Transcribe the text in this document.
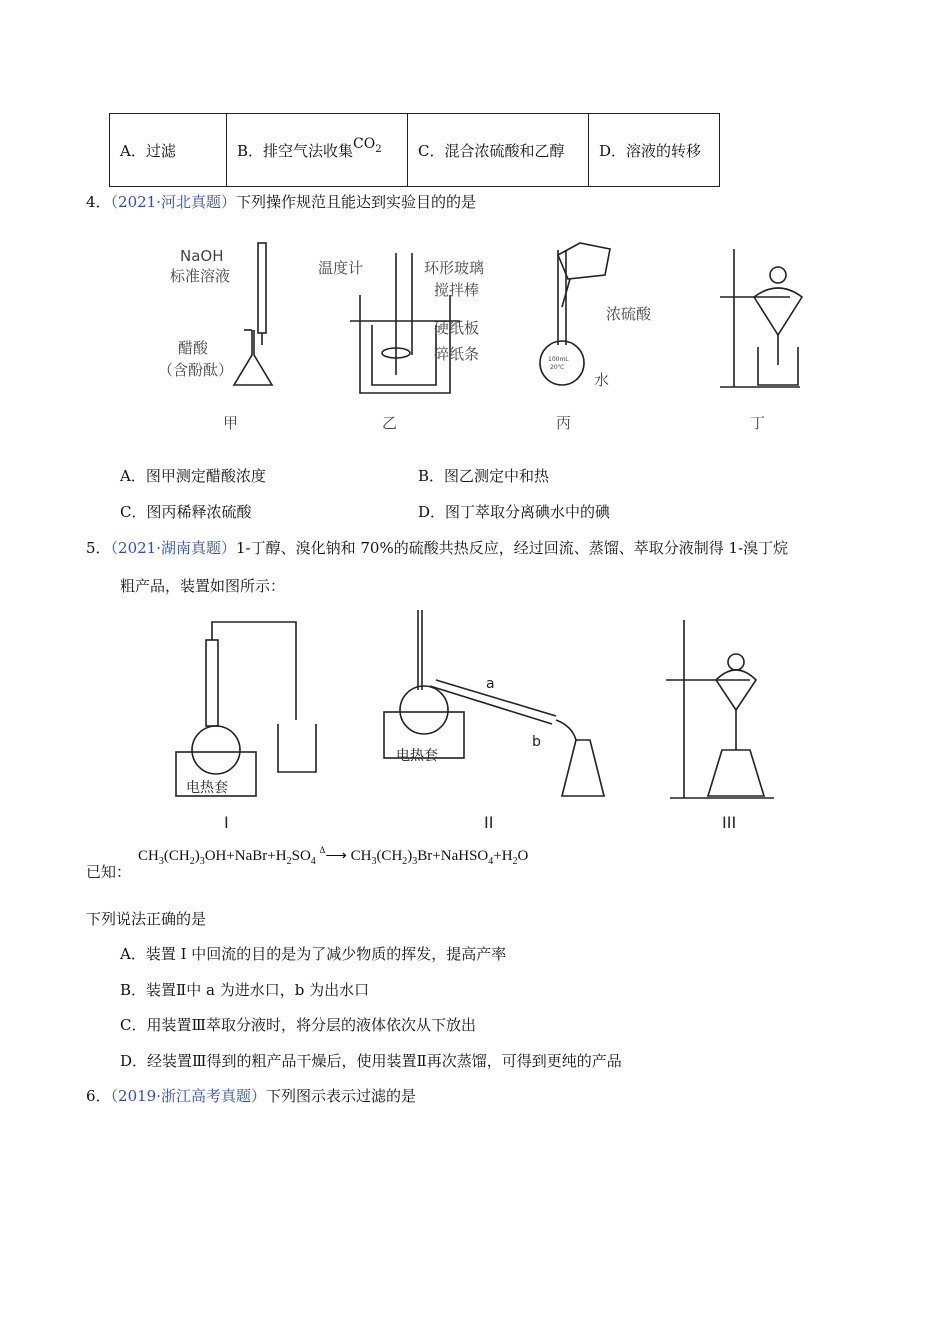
A．过滤	B．排空气法收集$CO^2$	C．混合浓硫酸和乙醇	D．溶液的转移
4．（2021·河北真题）下列操作规范且能达到实验目的的是
NaOH
标准溶液
醋酸
（含酚酞）
温度计	环形玻璃
搅拌棒
硬纸板
碎纸条
浓硫酸
水
100mL
20℃
甲	乙	丙	丁
A．图甲测定醋酸浓度	B．图乙测定中和热
C．图丙稀释浓硫酸	D．图丁萃取分离碘水中的碘
5．（2021·湖南真题）1-丁醇、溴化钠和 70%的硫酸共热反应，经过回流、蒸馏、萃取分液制得 1-溴丁烷
粗产品，装置如图所示：
电热套
电热套
a
b
I	II	III
已知：
$CH_3(CH_2)_3OH+NaBr+H_2SO_4$ $^\Delta$⟶ $CH_3(CH_2)_3Br+NaHSO_4+H_2O$
下列说法正确的是
A．装置 I 中回流的目的是为了减少物质的挥发，提高产率
B．装置Ⅱ中 a 为进水口，b 为出水口
C．用装置Ⅲ萃取分液时，将分层的液体依次从下放出
D．经装置Ⅲ得到的粗产品干燥后，使用装置Ⅱ再次蒸馏，可得到更纯的产品
6．（2019·浙江高考真题）下列图示表示过滤的是
